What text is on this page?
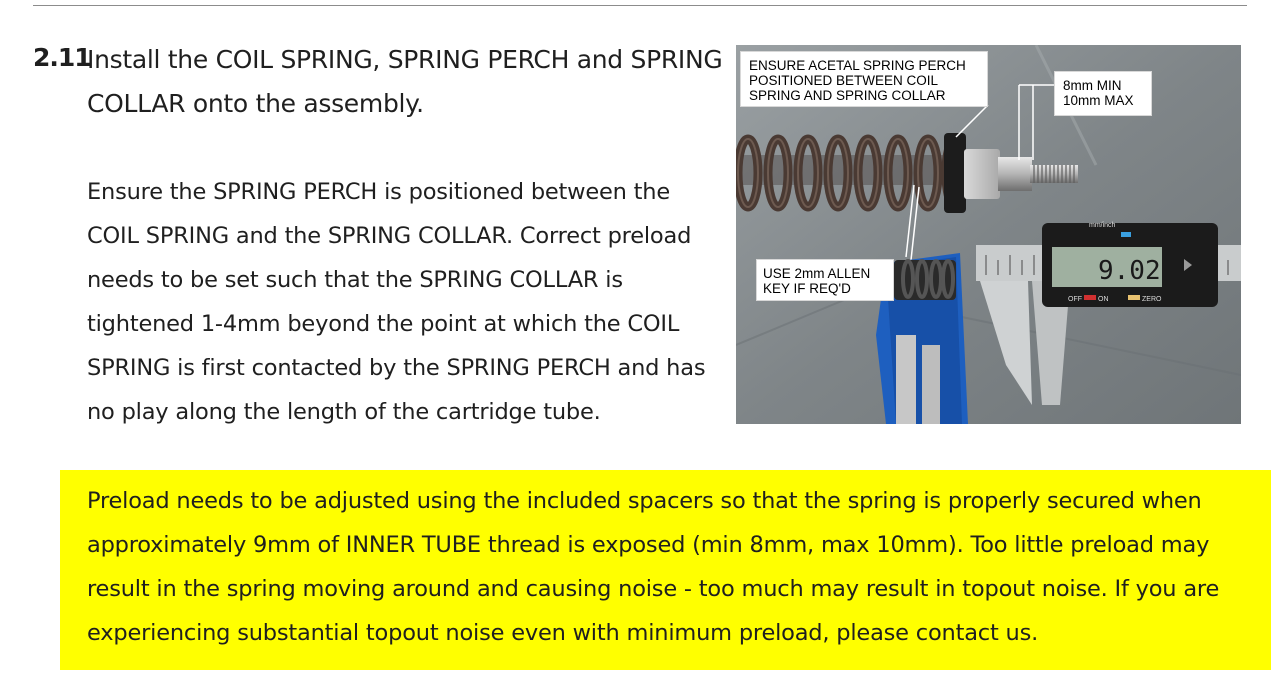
2.11
Install the COIL SPRING, SPRING PERCH and SPRING COLLAR onto the assembly.
Ensure the SPRING PERCH is positioned between the COIL SPRING and the SPRING COLLAR. Correct preload needs to be set such that the SPRING COLLAR is tightened 1-4mm beyond the point at which the COIL SPRING is first contacted by the SPRING PERCH and has no play along the length of the cartridge tube.
mm/inch
9.02
OFF ON	ZERO
ENSURE ACETAL SPRING PERCH
POSITIONED BETWEEN COIL
SPRING AND SPRING COLLAR
8mm MIN
10mm MAX
USE 2mm ALLEN
KEY IF REQ'D
Preload needs to be adjusted using the included spacers so that the spring is properly secured when approximately 9mm of INNER TUBE thread is exposed (min 8mm, max 10mm). Too little preload may result in the spring moving around and causing noise - too much may result in topout noise. If you are experiencing substantial topout noise even with minimum preload, please contact us.
